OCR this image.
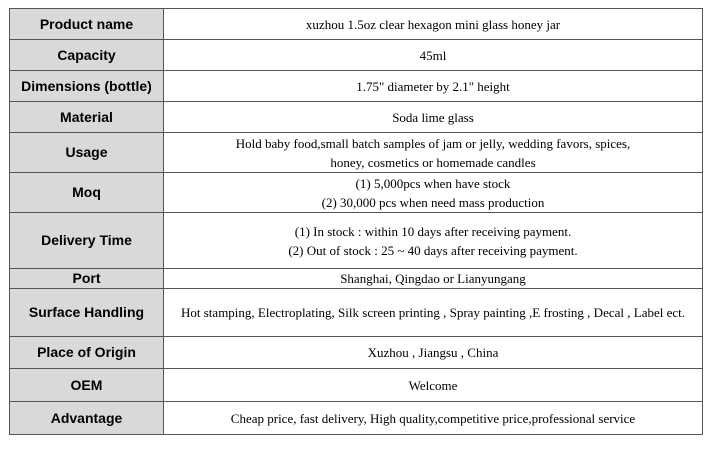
Product name	xuzhou 1.5oz clear hexagon mini glass honey jar

Capacity	45ml

Dimensions (bottle)	1.75" diameter by 2.1" height

Material	Soda lime glass

Usage	Hold baby food,small batch samples of jam or jelly, wedding favors, spices,
honey, cosmetics or homemade candles

Moq	(1) 5,000pcs when have stock
(2) 30,000 pcs when need mass production

Delivery Time	(1) In stock : within 10 days after receiving payment.
(2) Out of stock : 25 ~ 40 days after receiving payment.

Port	Shanghai, Qingdao or Lianyungang

Surface Handling	Hot stamping, Electroplating, Silk screen printing , Spray painting ,E frosting , Decal , Label ect.

Place of Origin	Xuzhou , Jiangsu , China

OEM	Welcome

Advantage	Cheap price, fast delivery, High quality,competitive price,professional service
